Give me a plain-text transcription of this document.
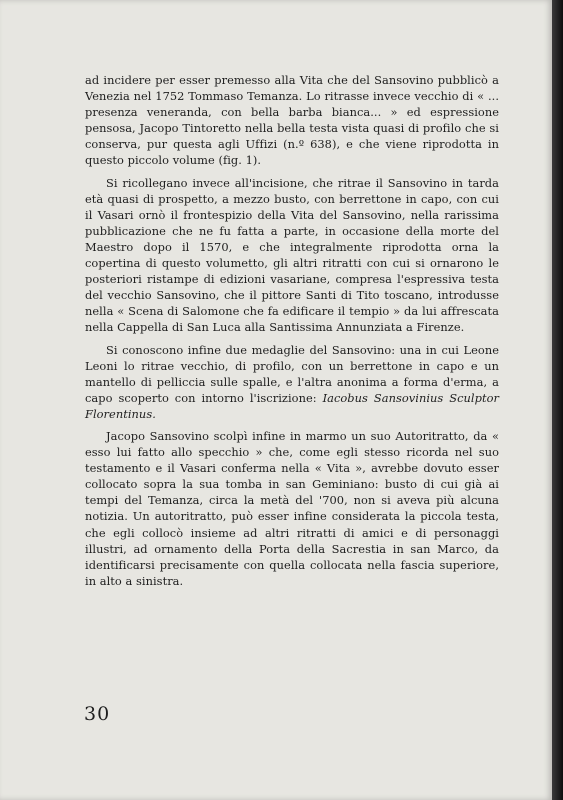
ad incidere per esser premesso alla Vita che del Sansovino pubblicò a Venezia nel 1752 Tommaso Temanza. Lo ritrasse invece vecchio di « ... presenza veneranda, con bella barba bianca... » ed espressione pensosa, Jacopo Tintoretto nella bella testa vista quasi di profilo che si conserva, pur questa agli Uffizi (n.º 638), e che viene riprodotta in questo piccolo volume (fig. 1).

Si ricollegano invece all'incisione, che ritrae il Sansovino in tarda età quasi di prospetto, a mezzo busto, con berrettone in capo, con cui il Vasari ornò il frontespizio della Vita del Sansovino, nella rarissima pubblicazione che ne fu fatta a parte, in occasione della morte del Maestro dopo il 1570, e che integralmente riprodotta orna la copertina di questo volumetto, gli altri ritratti con cui si ornarono le posteriori ristampe di edizioni vasariane, compresa l'espressiva testa del vecchio Sansovino, che il pittore Santi di Tito toscano, introdusse nella « Scena di Salomone che fa edificare il tempio » da lui affrescata nella Cappella di San Luca alla Santissima Annunziata a Firenze.

Si conoscono infine due medaglie del Sansovino: una in cui Leone Leoni lo ritrae vecchio, di profilo, con un berrettone in capo e un mantello di pelliccia sulle spalle, e l'altra anonima a forma d'erma, a capo scoperto con intorno l'iscrizione: Iacobus Sansovinius Sculptor Florentinus.

Jacopo Sansovino scolpì infine in marmo un suo Autoritratto, da « esso lui fatto allo specchio » che, come egli stesso ricorda nel suo testamento e il Vasari conferma nella « Vita », avrebbe dovuto esser collocato sopra la sua tomba in san Geminiano: busto di cui già ai tempi del Temanza, circa la metà del '700, non si aveva più alcuna notizia. Un autoritratto, può esser infine considerata la piccola testa, che egli collocò insieme ad altri ritratti di amici e di personaggi illustri, ad ornamento della Porta della Sacrestia in san Marco, da identificarsi precisamente con quella collocata nella fascia superiore, in alto a sinistra.

30
